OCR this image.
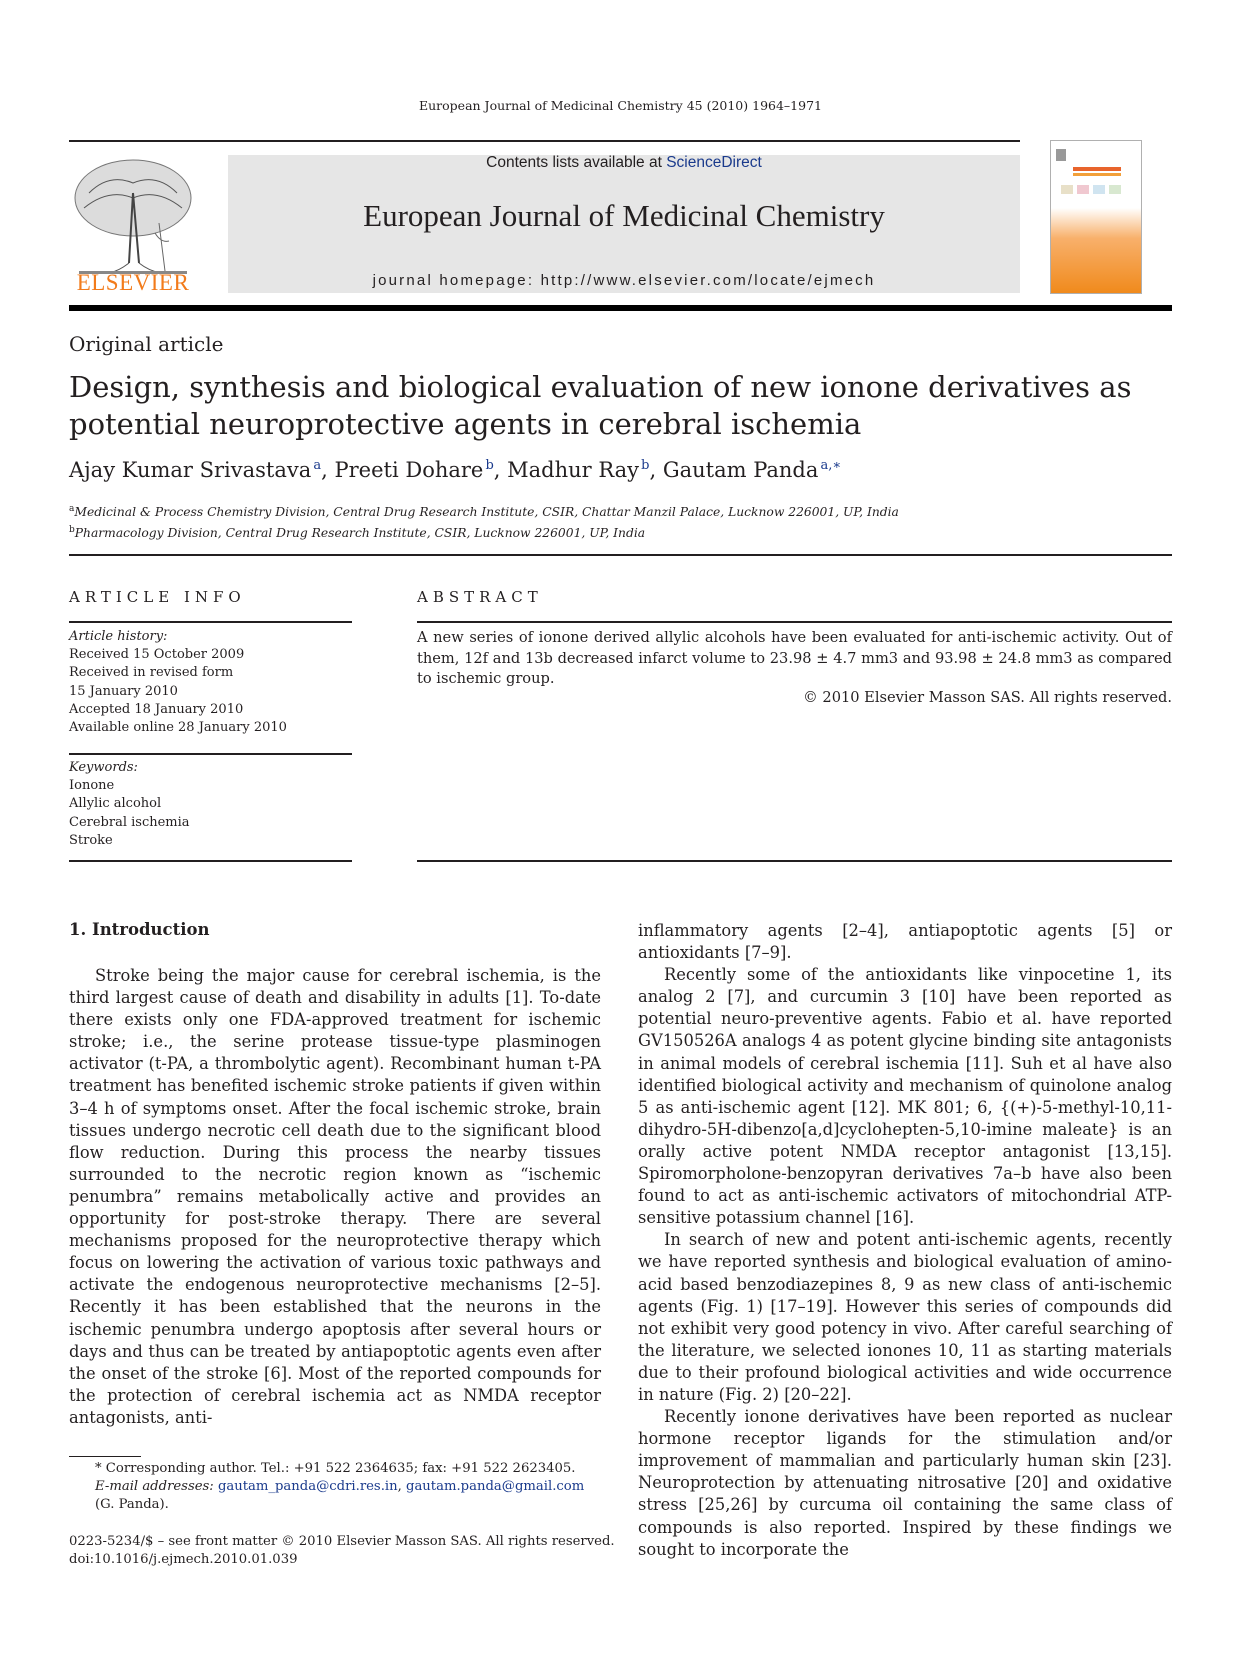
European Journal of Medicinal Chemistry 45 (2010) 1964–1971
ELSEVIER
Contents lists available at ScienceDirect
European Journal of Medicinal Chemistry
journal homepage: http://www.elsevier.com/locate/ejmech
Original article
Design, synthesis and biological evaluation of new ionone derivatives as potential neuroprotective agents in cerebral ischemia
Ajay Kumar Srivastava  $^a$, Preeti Dohare  $^b$, Madhur Ray  $^b$, Gautam Panda  $^{a,∗}$
$^a$Medicinal & Process Chemistry Division, Central Drug Research Institute, CSIR, Chattar Manzil Palace, Lucknow 226001, UP, India
$^b$Pharmacology Division, Central Drug Research Institute, CSIR, Lucknow 226001, UP, India
ARTICLE INFO	ABSTRACT
Article history:
Received 15 October 2009
Received in revised form
15 January 2010
Accepted 18 January 2010
Available online 28 January 2010
Keywords:
Ionone
Allylic alcohol
Cerebral ischemia
Stroke
A new series of ionone derived allylic alcohols have been evaluated for anti-ischemic activity. Out of them, 12f and 13b decreased infarct volume to 23.98 ± 4.7 mm3 and 93.98 ± 24.8 mm3 as compared to ischemic group.
© 2010 Elsevier Masson SAS. All rights reserved.
1. Introduction

Stroke being the major cause for cerebral ischemia, is the third largest cause of death and disability in adults [1]. To-date there exists only one FDA-approved treatment for ischemic stroke; i.e., the serine protease tissue-type plasminogen activator (t-PA, a thrombolytic agent). Recombinant human t-PA treatment has benefited ischemic stroke patients if given within 3–4 h of symptoms onset. After the focal ischemic stroke, brain tissues undergo necrotic cell death due to the significant blood flow reduction. During this process the nearby tissues surrounded to the necrotic region known as “ischemic penumbra” remains metabolically active and provides an opportunity for post-stroke therapy. There are several mechanisms proposed for the neuroprotective therapy which focus on lowering the activation of various toxic pathways and activate the endogenous neuroprotective mechanisms [2–5]. Recently it has been established that the neurons in the ischemic penumbra undergo apoptosis after several hours or days and thus can be treated by antiapoptotic agents even after the onset of the stroke [6]. Most of the reported compounds for the protection of cerebral ischemia act as NMDA receptor antagonists, anti-

inflammatory agents [2–4], antiapoptotic agents [5] or antioxidants [7–9].

Recently some of the antioxidants like vinpocetine 1, its analog 2 [7], and curcumin 3 [10] have been reported as potential neuro-preventive agents. Fabio et al. have reported GV150526A analogs 4 as potent glycine binding site antagonists in animal models of cerebral ischemia [11]. Suh et al have also identified biological activity and mechanism of quinolone analog 5 as anti-ischemic agent [12]. MK 801; 6, {(+)-5-methyl-10,11-dihydro-5H-dibenzo[a,d]cyclohepten-5,10-imine maleate} is an orally active potent NMDA receptor antagonist [13,15]. Spiromorpholone-benzopyran derivatives 7a–b have also been found to act as anti-ischemic activators of mitochondrial ATP-sensitive potassium channel [16].

In search of new and potent anti-ischemic agents, recently we have reported synthesis and biological evaluation of amino-acid based benzodiazepines 8, 9 as new class of anti-ischemic agents (Fig. 1) [17–19]. However this series of compounds did not exhibit very good potency in vivo. After careful searching of the literature, we selected ionones 10, 11 as starting materials due to their profound biological activities and wide occurrence in nature (Fig. 2) [20–22].

Recently ionone derivatives have been reported as nuclear hormone receptor ligands for the stimulation and/or improvement of mammalian and particularly human skin [23]. Neuroprotection by attenuating nitrosative [20] and oxidative stress [25,26] by curcuma oil containing the same class of compounds is also reported. Inspired by these findings we sought to incorporate the

* Corresponding author. Tel.: +91 522 2364635; fax: +91 522 2623405.
E-mail addresses: gautam_panda@cdri.res.in, gautam.panda@gmail.com (G. Panda).
0223-5234/$ – see front matter © 2010 Elsevier Masson SAS. All rights reserved.
doi:10.1016/j.ejmech.2010.01.039
